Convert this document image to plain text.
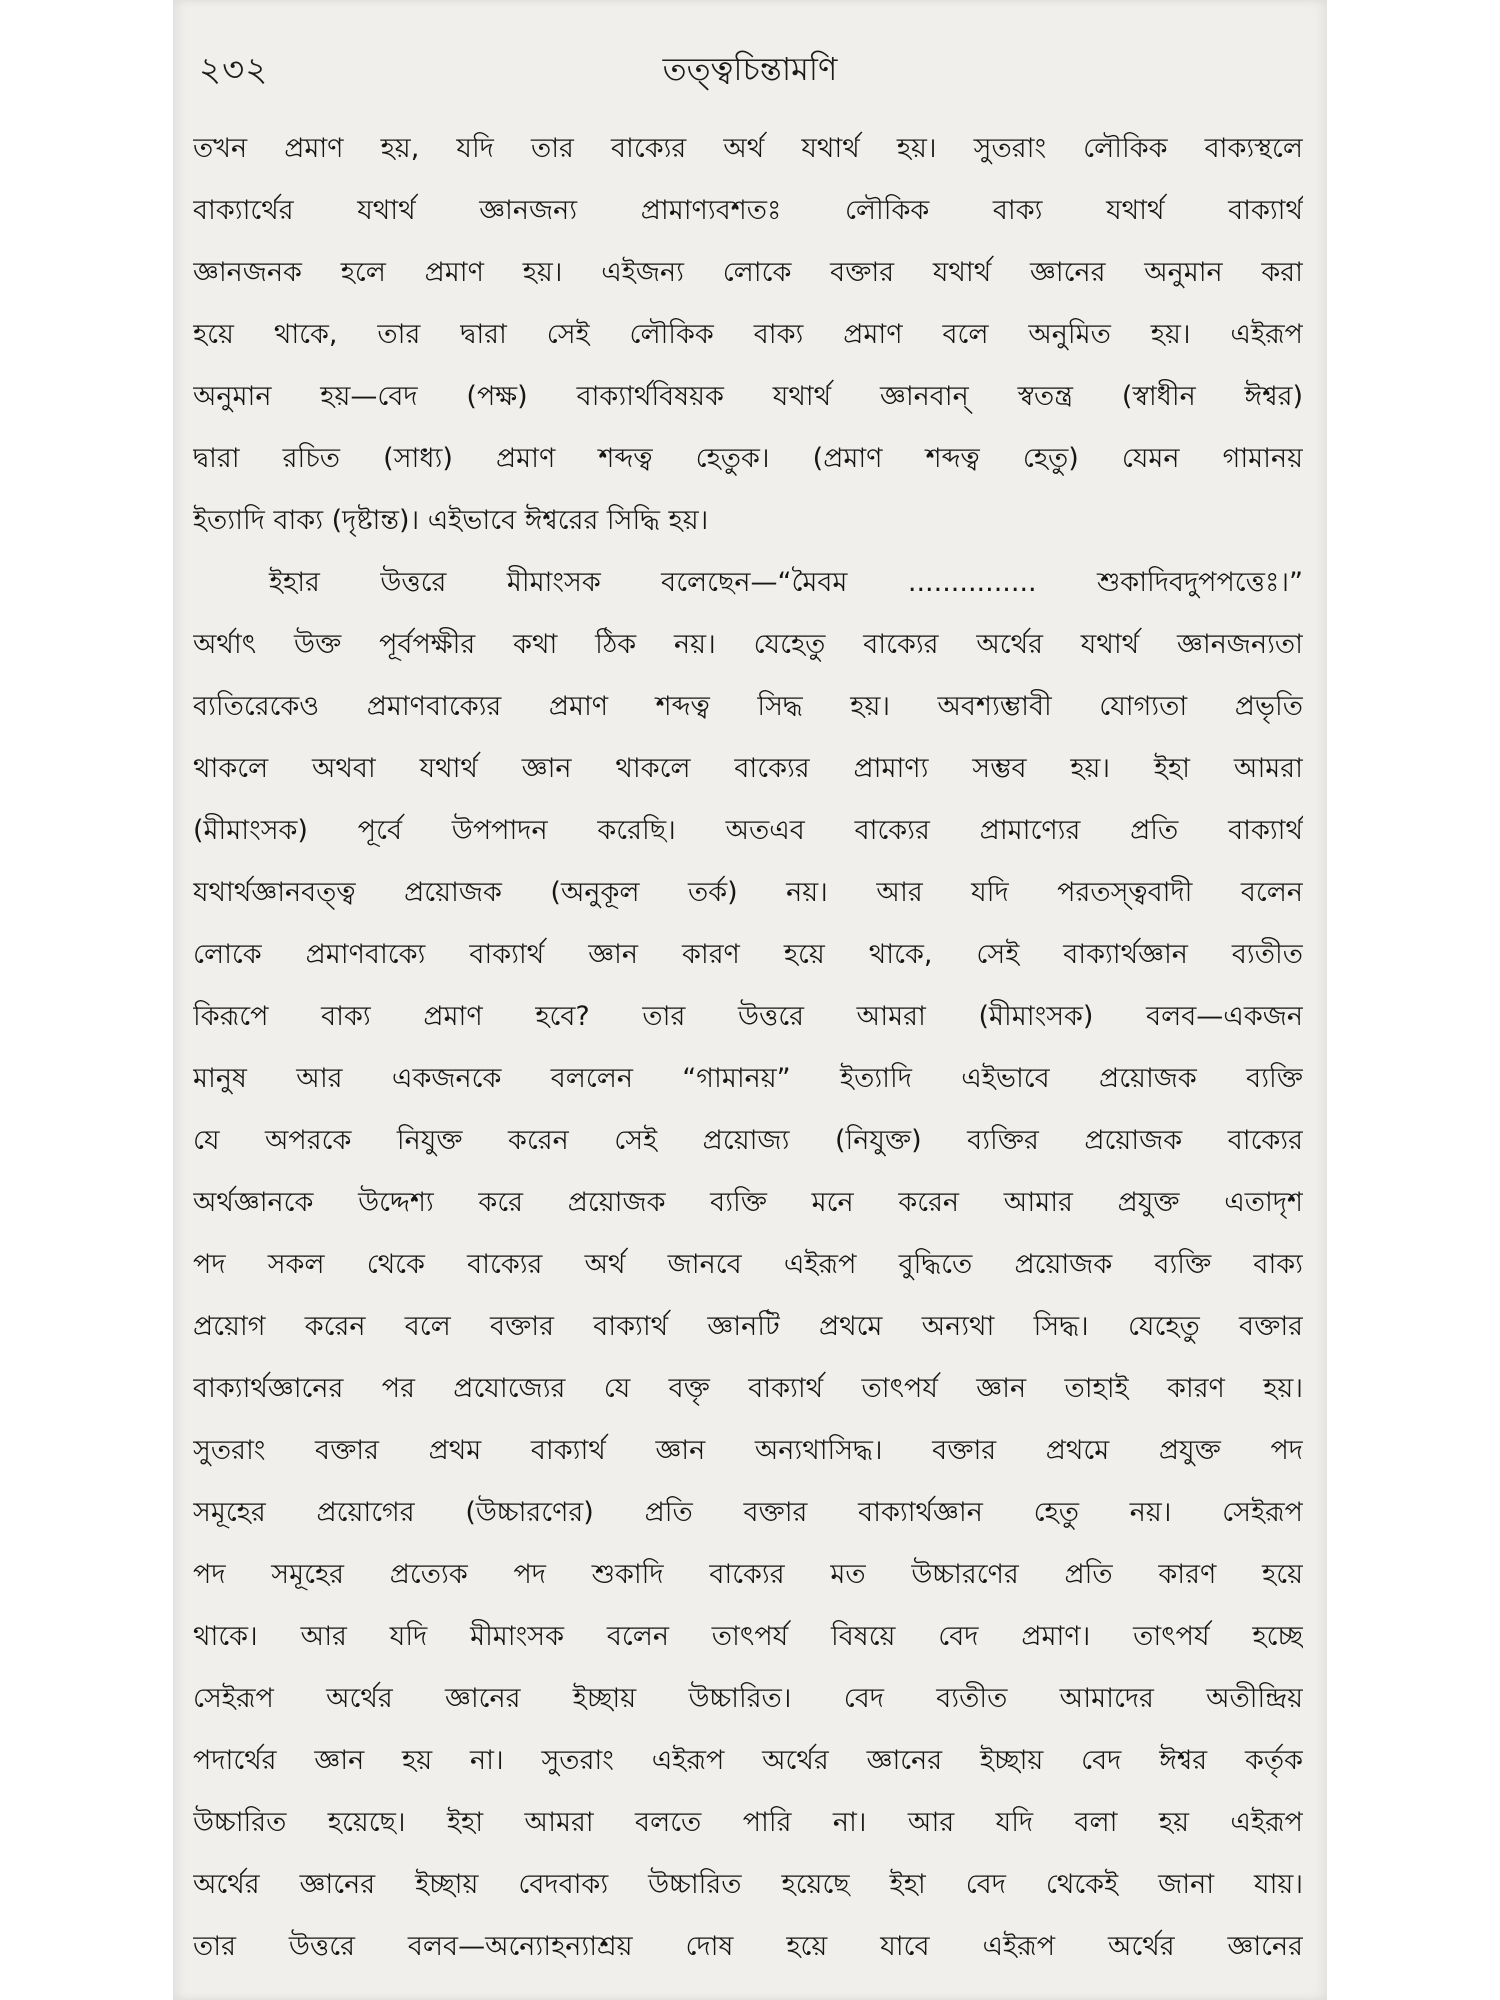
২৩২	তত্ত্বচিন্তামণি
তখন প্রমাণ হয়, যদি তার বাক্যের অর্থ যথার্থ হয়। সুতরাং লৌকিক বাক্যস্থলে
বাক্যার্থের যথার্থ জ্ঞানজন্য প্রামাণ্যবশতঃ লৌকিক বাক্য যথার্থ বাক্যার্থ
জ্ঞানজনক হলে প্রমাণ হয়। এইজন্য লোকে বক্তার যথার্থ জ্ঞানের অনুমান করা
হয়ে থাকে, তার দ্বারা সেই লৌকিক বাক্য প্রমাণ বলে অনুমিত হয়। এইরূপ
অনুমান হয়—বেদ (পক্ষ) বাক্যার্থবিষয়ক যথার্থ জ্ঞানবান্ স্বতন্ত্র (স্বাধীন ঈশ্বর)
দ্বারা রচিত (সাধ্য) প্রমাণ শব্দত্ব হেতুক। (প্রমাণ শব্দত্ব হেতু) যেমন গামানয়
ইত্যাদি বাক্য (দৃষ্টান্ত)। এইভাবে ঈশ্বরের সিদ্ধি হয়।
ইহার উত্তরে মীমাংসক বলেছেন—“মৈবম ............... শুকাদিবদুপপত্তেঃ।”
অর্থাৎ উক্ত পূর্বপক্ষীর কথা ঠিক নয়। যেহেতু বাক্যের অর্থের যথার্থ জ্ঞানজন্যতা
ব্যতিরেকেও প্রমাণবাক্যের প্রমাণ শব্দত্ব সিদ্ধ হয়। অবশ্যম্ভাবী যোগ্যতা প্রভৃতি
থাকলে অথবা যথার্থ জ্ঞান থাকলে বাক্যের প্রামাণ্য সম্ভব হয়। ইহা আমরা
(মীমাংসক) পূর্বে উপপাদন করেছি। অতএব বাক্যের প্রামাণ্যের প্রতি বাক্যার্থ
যথার্থজ্ঞানবত্ত্ব প্রয়োজক (অনুকূল তর্ক) নয়। আর যদি পরতস্ত্ববাদী বলেন
লোকে প্রমাণবাক্যে বাক্যার্থ জ্ঞান কারণ হয়ে থাকে, সেই বাক্যার্থজ্ঞান ব্যতীত
কিরূপে বাক্য প্রমাণ হবে? তার উত্তরে আমরা (মীমাংসক) বলব—একজন
মানুষ আর একজনকে বললেন “গামানয়” ইত্যাদি এইভাবে প্রয়োজক ব্যক্তি
যে অপরকে নিযুক্ত করেন সেই প্রয়োজ্য (নিযুক্ত) ব্যক্তির প্রয়োজক বাক্যের
অর্থজ্ঞানকে উদ্দেশ্য করে প্রয়োজক ব্যক্তি মনে করেন আমার প্রযুক্ত এতাদৃশ
পদ সকল থেকে বাক্যের অর্থ জানবে এইরূপ বুদ্ধিতে প্রয়োজক ব্যক্তি বাক্য
প্রয়োগ করেন বলে বক্তার বাক্যার্থ জ্ঞানটি প্রথমে অন্যথা সিদ্ধ। যেহেতু বক্তার
বাক্যার্থজ্ঞানের পর প্রযোজ্যের যে বক্তৃ বাক্যার্থ তাৎপর্য জ্ঞান তাহাই কারণ হয়।
সুতরাং বক্তার প্রথম বাক্যার্থ জ্ঞান অন্যথাসিদ্ধ। বক্তার প্রথমে প্রযুক্ত পদ
সমূহের প্রয়োগের (উচ্চারণের) প্রতি বক্তার বাক্যার্থজ্ঞান হেতু নয়। সেইরূপ
পদ সমূহের প্রত্যেক পদ শুকাদি বাক্যের মত উচ্চারণের প্রতি কারণ হয়ে
থাকে। আর যদি মীমাংসক বলেন তাৎপর্য বিষয়ে বেদ প্রমাণ। তাৎপর্য হচ্ছে
সেইরূপ অর্থের জ্ঞানের ইচ্ছায় উচ্চারিত। বেদ ব্যতীত আমাদের অতীন্দ্রিয়
পদার্থের জ্ঞান হয় না। সুতরাং এইরূপ অর্থের জ্ঞানের ইচ্ছায় বেদ ঈশ্বর কর্তৃক
উচ্চারিত হয়েছে। ইহা আমরা বলতে পারি না। আর যদি বলা হয় এইরূপ
অর্থের জ্ঞানের ইচ্ছায় বেদবাক্য উচ্চারিত হয়েছে ইহা বেদ থেকেই জানা যায়।
তার উত্তরে বলব—অন্যোহন্যাশ্রয় দোষ হয়ে যাবে এইরূপ অর্থের জ্ঞানের
